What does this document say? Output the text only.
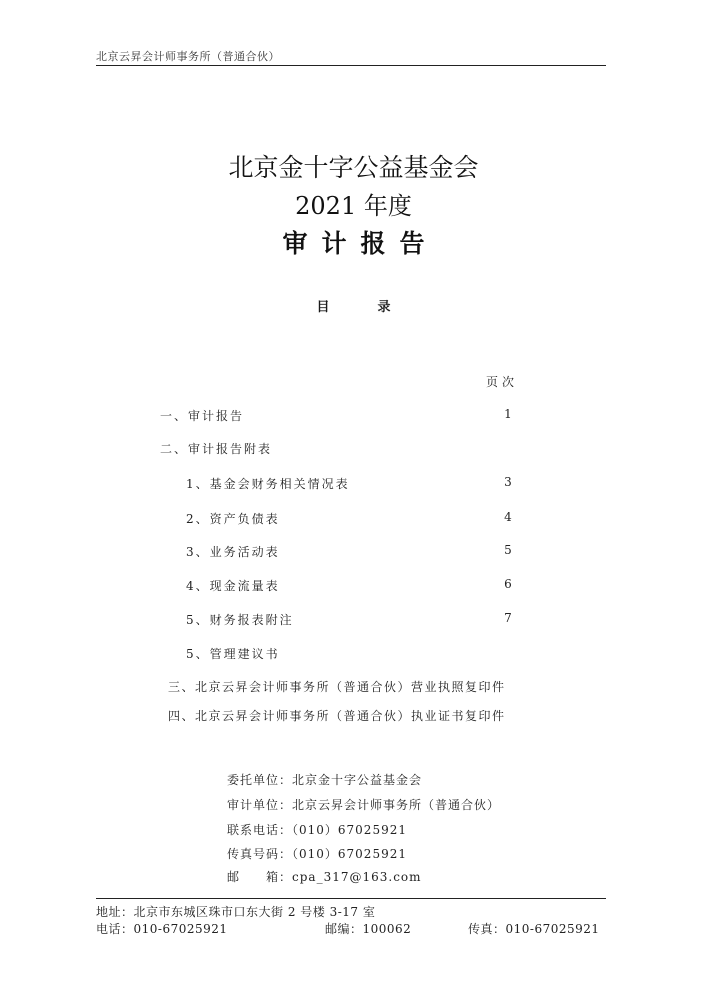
北京云昇会计师事务所（普通合伙）
北京金十字公益基金会
2021 年度
审计报告
目	录
页次
一、审计报告	1
二、审计报告附表
1、基金会财务相关情况表	3
2、资产负债表	4
3、业务活动表	5
4、现金流量表	6
5、财务报表附注	7
5、管理建议书
三、北京云昇会计师事务所（普通合伙）营业执照复印件
四、北京云昇会计师事务所（普通合伙）执业证书复印件
委托单位：北京金十字公益基金会
审计单位：北京云昇会计师事务所（普通合伙）
联系电话：（010）67025921
传真号码：（010）67025921
邮 箱：cpa_317@163.com
地址：北京市东城区珠市口东大街 2 号楼 3-17 室
电话：010-67025921	邮编：100062	传真：010-67025921
